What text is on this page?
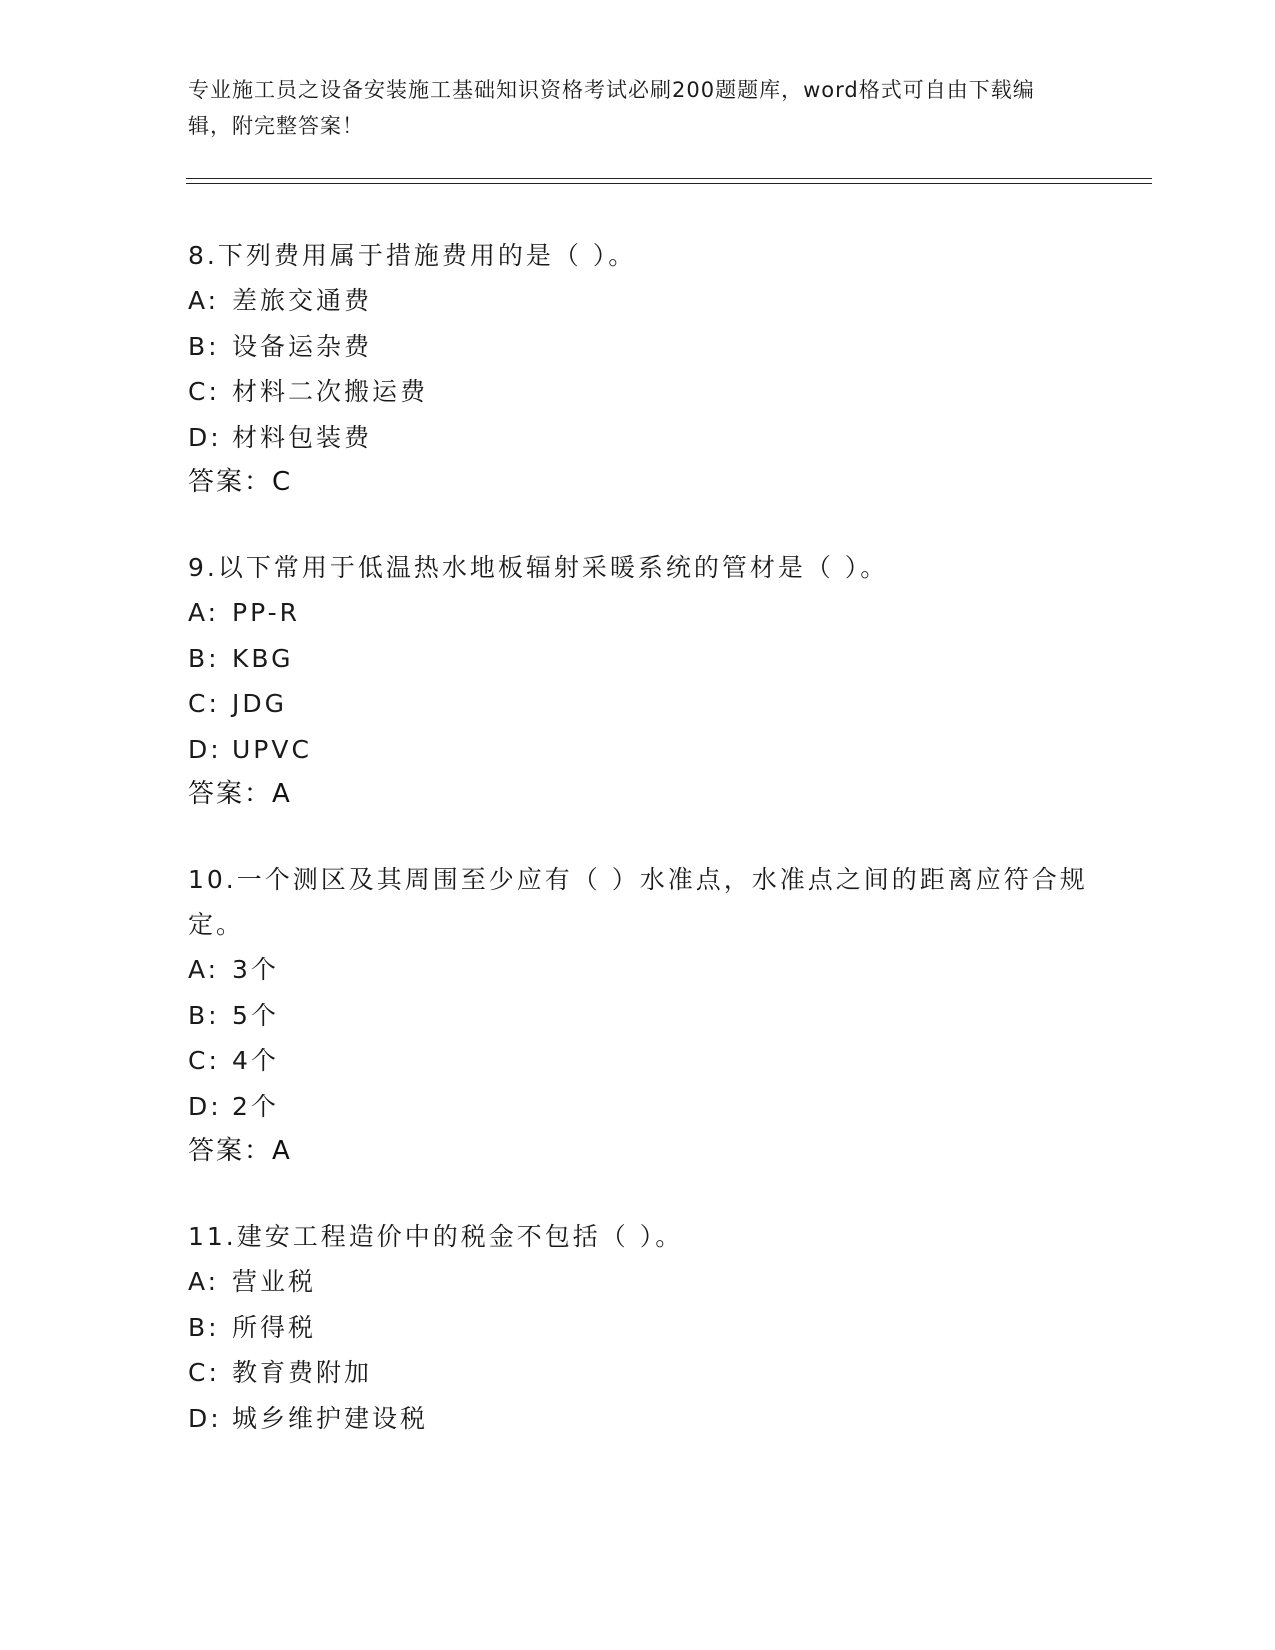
专业施工员之设备安装施工基础知识资格考试必刷200题题库，word格式可自由下载编辑，附完整答案！

8.下列费用属于措施费用的是（ ）。

A: 差旅交通费

B: 设备运杂费

C: 材料二次搬运费

D: 材料包装费

答案：C

9.以下常用于低温热水地板辐射采暖系统的管材是（ ）。

A: PP-R

B: KBG

C: JDG

D: UPVC

答案：A

10.一个测区及其周围至少应有（ ）水准点，水准点之间的距离应符合规定。

A: 3个

B: 5个

C: 4个

D: 2个

答案：A

11.建安工程造价中的税金不包括（ ）。

A: 营业税

B: 所得税

C: 教育费附加

D: 城乡维护建设税
